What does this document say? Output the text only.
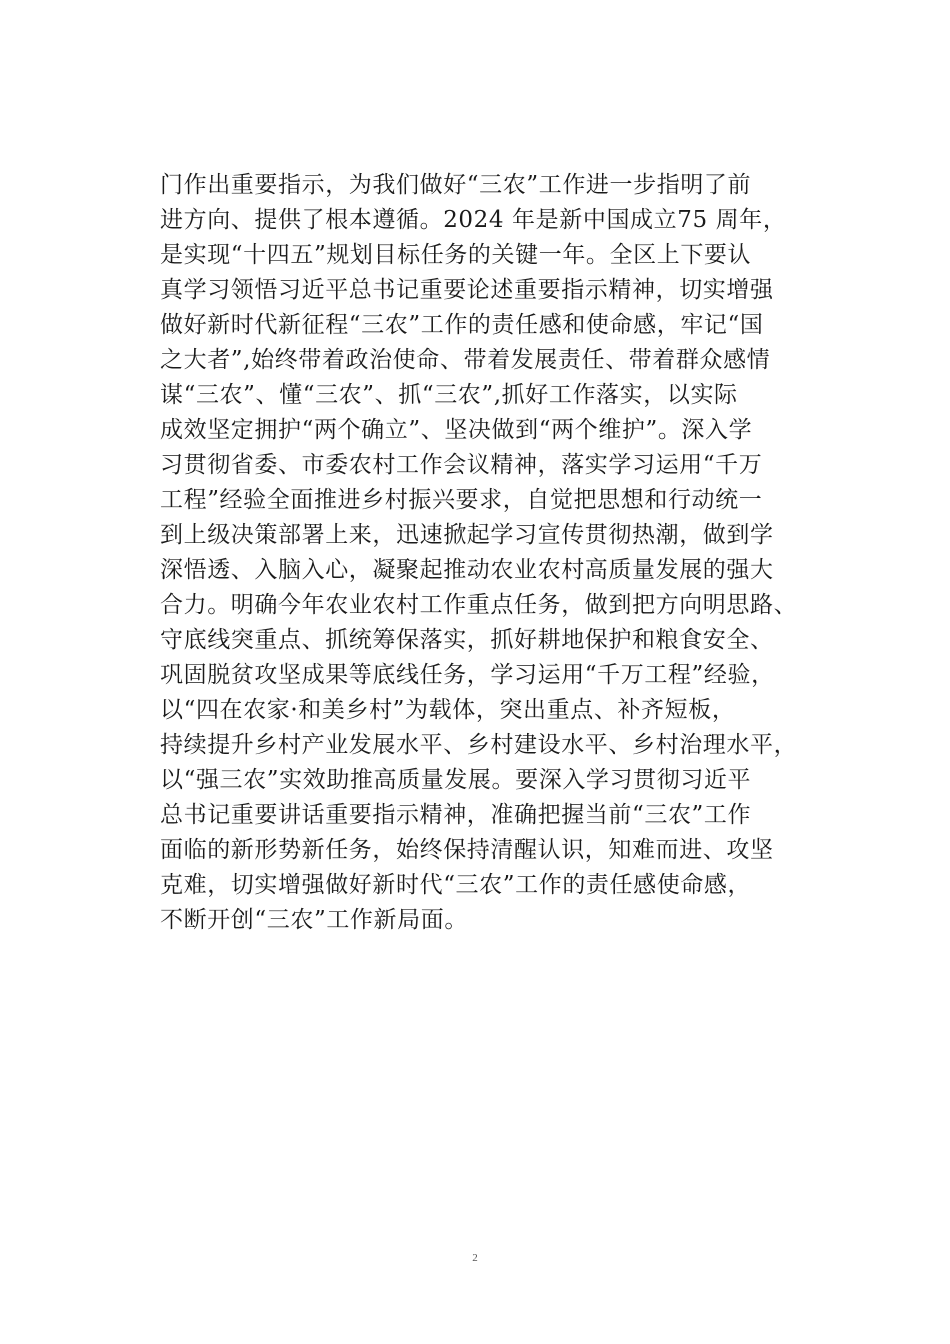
门作出重要指示，为我们做好“三农”工作进一步指明了前
进方向、提供了根本遵循。2024 年是新中国成立75 周年，
是实现“十四五”规划目标任务的关键一年。全区上下要认
真学习领悟习近平总书记重要论述重要指示精神，切实增强
做好新时代新征程“三农”工作的责任感和使命感，牢记“国
之大者”,始终带着政治使命、带着发展责任、带着群众感情
谋“三农”、懂“三农”、抓“三农”,抓好工作落实，以实际
成效坚定拥护“两个确立”、坚决做到“两个维护”。深入学
习贯彻省委、市委农村工作会议精神，落实学习运用“千万
工程”经验全面推进乡村振兴要求，自觉把思想和行动统一
到上级决策部署上来，迅速掀起学习宣传贯彻热潮，做到学
深悟透、入脑入心，凝聚起推动农业农村高质量发展的强大
合力。明确今年农业农村工作重点任务，做到把方向明思路、
守底线突重点、抓统筹保落实，抓好耕地保护和粮食安全、
巩固脱贫攻坚成果等底线任务，学习运用“千万工程”经验，
以“四在农家·和美乡村”为载体，突出重点、补齐短板，
持续提升乡村产业发展水平、乡村建设水平、乡村治理水平，
以“强三农”实效助推高质量发展。要深入学习贯彻习近平
总书记重要讲话重要指示精神，准确把握当前“三农”工作
面临的新形势新任务，始终保持清醒认识，知难而进、攻坚
克难，切实增强做好新时代“三农”工作的责任感使命感，
不断开创“三农”工作新局面。
2
